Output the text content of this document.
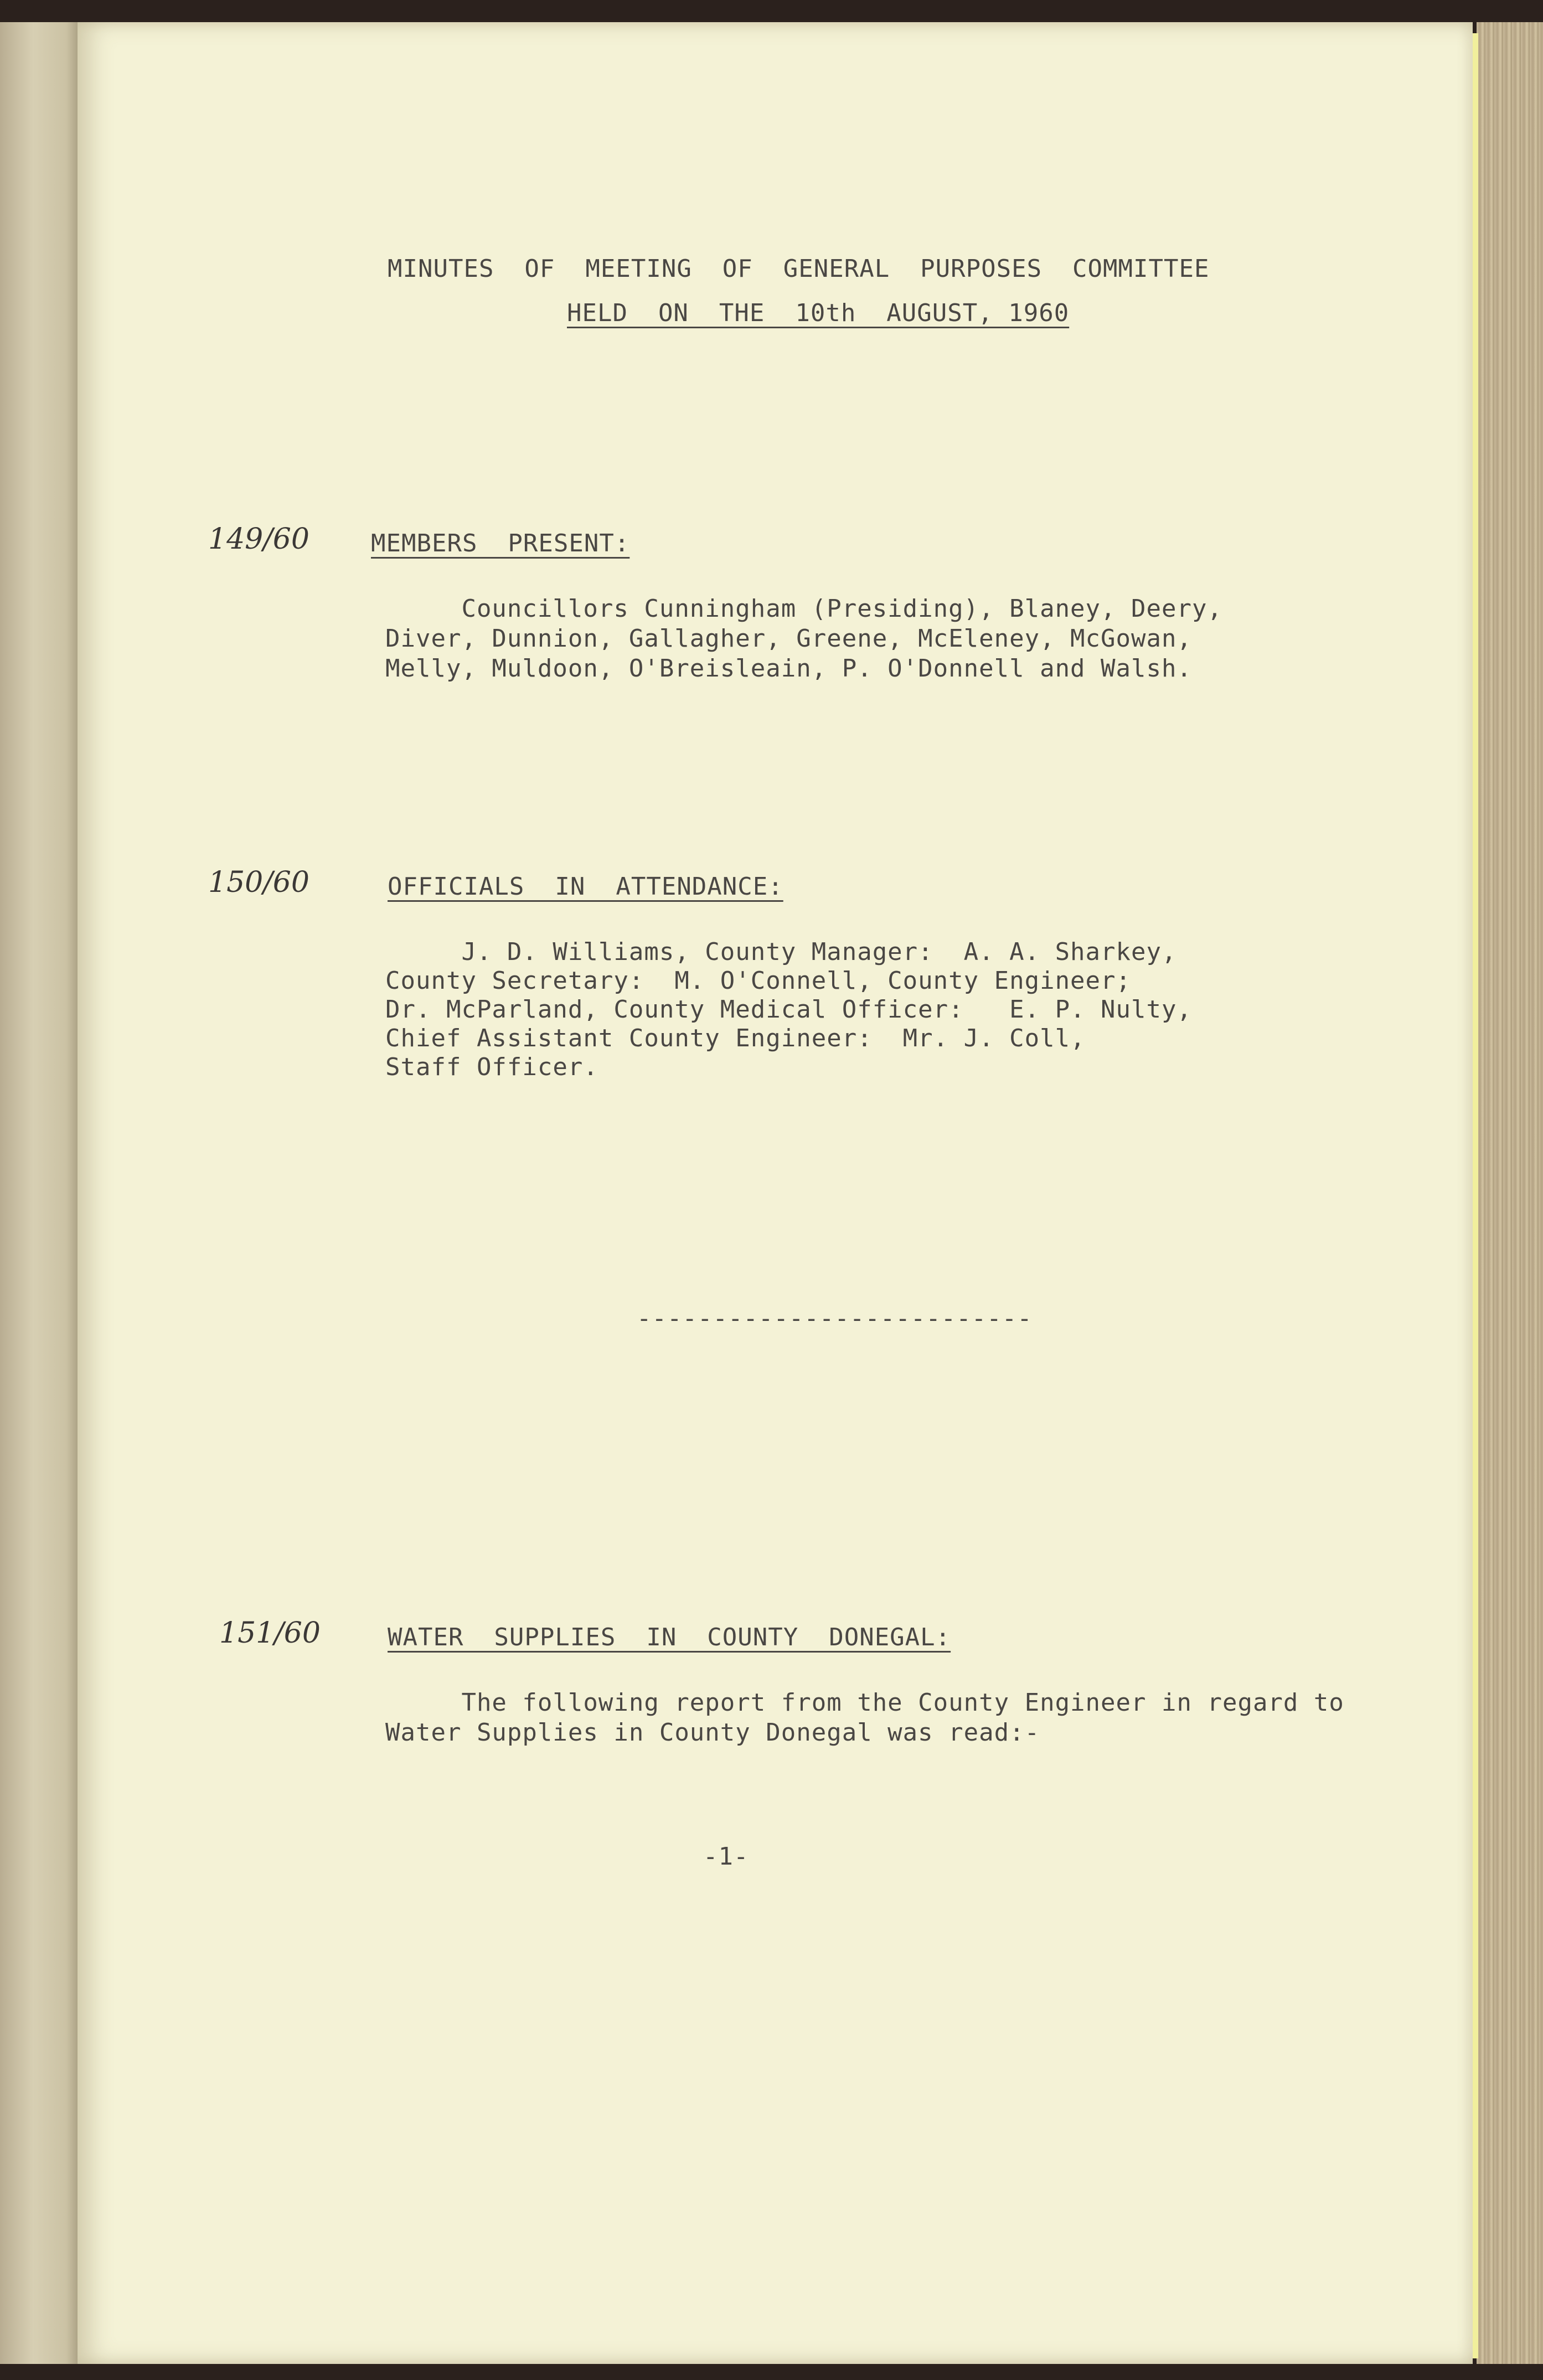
MINUTES  OF  MEETING  OF  GENERAL  PURPOSES  COMMITTEE
HELD  ON  THE  10th  AUGUST, 1960
149/60	MEMBERS  PRESENT:
Councillors Cunningham (Presiding), Blaney, Deery,
Diver, Dunnion, Gallagher, Greene, McEleney, McGowan,
Melly, Muldoon, O'Breisleain, P. O'Donnell and Walsh.
150/60	OFFICIALS  IN  ATTENDANCE:
J. D. Williams, County Manager:  A. A. Sharkey,
County Secretary:  M. O'Connell, County Engineer;
Dr. McParland, County Medical Officer:   E. P. Nulty,
Chief Assistant County Engineer:  Mr. J. Coll,
Staff Officer.
--------------------------
151/60	WATER  SUPPLIES  IN  COUNTY  DONEGAL:
The following report from the County Engineer in regard to
Water Supplies in County Donegal was read:-
-1-
